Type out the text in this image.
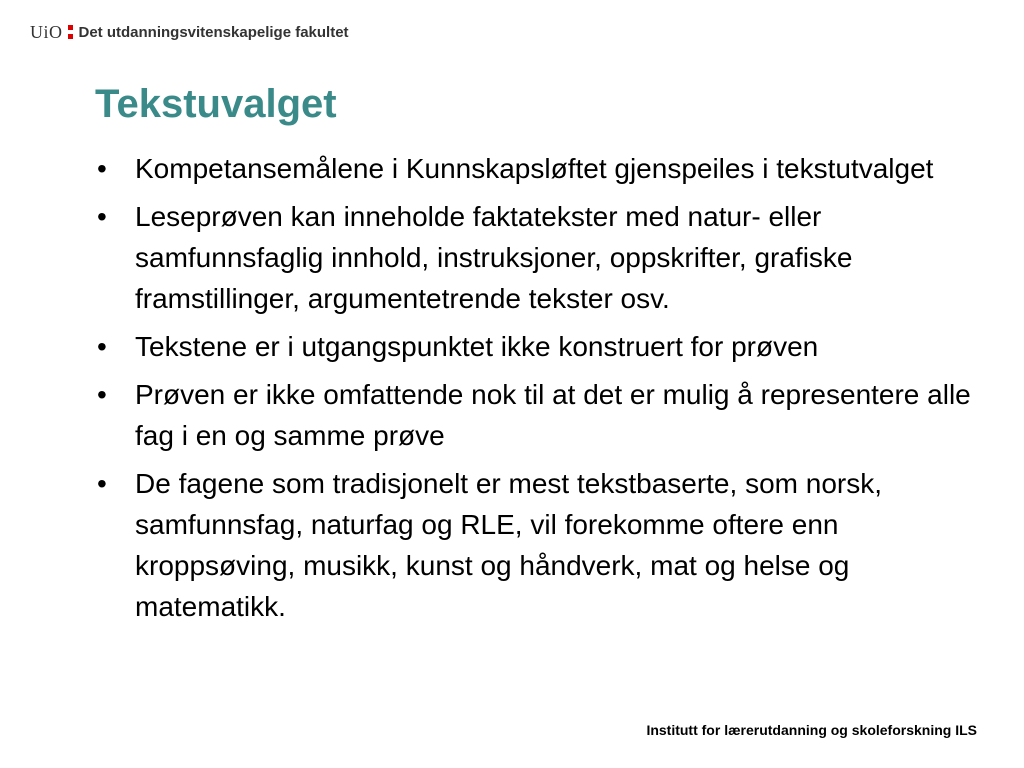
UiO Det utdanningsvitenskapelige fakultet
Tekstuvalget
• Kompetansemålene i Kunnskapsløftet gjenspeiles i tekstutvalget
• Leseprøven kan inneholde faktatekster med natur- eller samfunnsfaglig innhold, instruksjoner, oppskrifter, grafiske framstillinger, argumentetrende tekster osv.
• Tekstene er i utgangspunktet ikke konstruert for prøven
• Prøven er ikke omfattende nok til at det er mulig å representere alle fag i en og samme prøve
• De fagene som tradisjonelt er mest tekstbaserte, som norsk, samfunnsfag, naturfag og RLE, vil forekomme oftere enn kroppsøving, musikk, kunst og håndverk, mat og helse og matematikk.
Institutt for lærerutdanning og skoleforskning ILS
